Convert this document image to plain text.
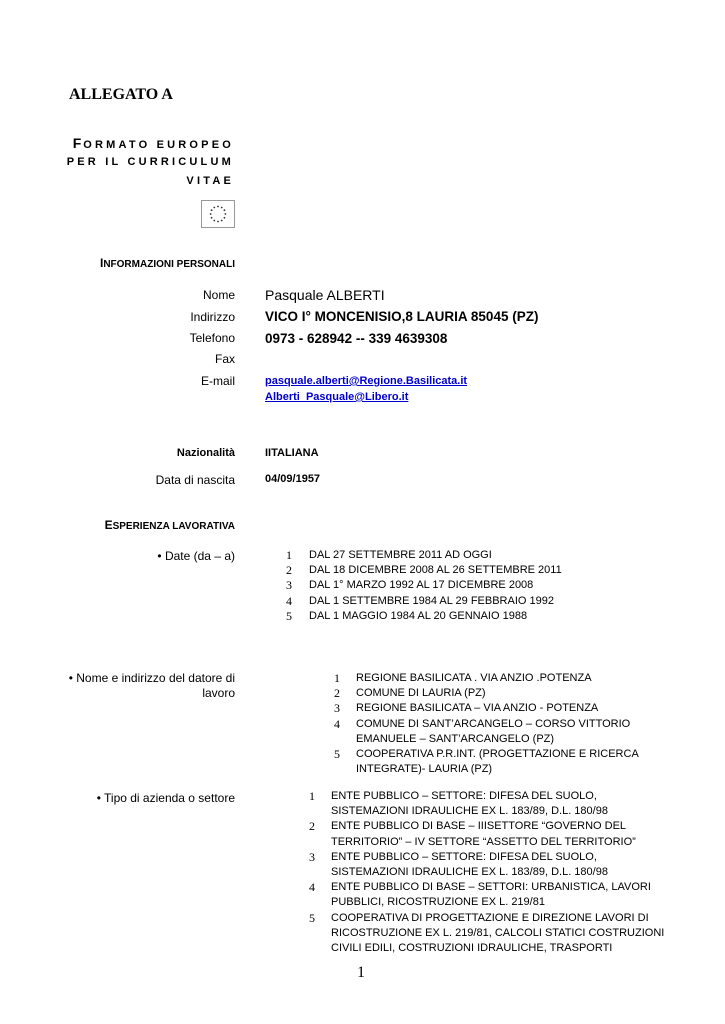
ALLEGATO A
FORMATO EUROPEO
PER IL CURRICULUM
VITAE
INFORMAZIONI PERSONALI
Nome Pasquale ALBERTI
Indirizzo VICO I° MONCENISIO,8 LAURIA 85045 (PZ)
Telefono 0973 - 628942 -- 339 4639308
Fax
E-mail	pasquale.alberti@Regione.Basilicata.it
Alberti_Pasquale@Libero.it
Nazionalità	IITALIANA
Data di nascita	04/09/1957
ESPERIENZA LAVORATIVA
• Date (da – a)	1	DAL 27 SETTEMBRE 2011 AD OGGI
2	DAL 18 DICEMBRE 2008 AL 26 SETTEMBRE 2011
3	DAL 1° MARZO 1992 AL 17 DICEMBRE 2008
4	DAL 1 SETTEMBRE 1984 AL 29 FEBBRAIO 1992
5	DAL 1 MAGGIO 1984 AL 20 GENNAIO 1988
• Nome e indirizzo del datore di
lavoro
1	REGIONE BASILICATA . VIA ANZIO .POTENZA
2	COMUNE DI LAURIA (PZ)
3	REGIONE BASILICATA – VIA ANZIO - POTENZA
4	COMUNE DI SANT’ARCANGELO – CORSO VITTORIO EMANUELE – SANT’ARCANGELO (PZ)
5	COOPERATIVA P.R.INT. (PROGETTAZIONE E RICERCA INTEGRATE)- LAURIA (PZ)
• Tipo di azienda o settore	1	ENTE PUBBLICO – SETTORE: DIFESA DEL SUOLO, SISTEMAZIONI IDRAULICHE EX L. 183/89, D.L. 180/98
2	ENTE PUBBLICO DI BASE – IIISETTORE “GOVERNO DEL TERRITORIO” – IV SETTORE “ASSETTO DEL TERRITORIO”
3	ENTE PUBBLICO – SETTORE: DIFESA DEL SUOLO, SISTEMAZIONI IDRAULICHE EX L. 183/89, D.L. 180/98
4	ENTE PUBBLICO DI BASE – SETTORI: URBANISTICA, LAVORI PUBBLICI, RICOSTRUZIONE EX L. 219/81
5	COOPERATIVA DI PROGETTAZIONE E DIREZIONE LAVORI DI RICOSTRUZIONE EX L. 219/81, CALCOLI STATICI COSTRUZIONI CIVILI EDILI, COSTRUZIONI IDRAULICHE, TRASPORTI
1
